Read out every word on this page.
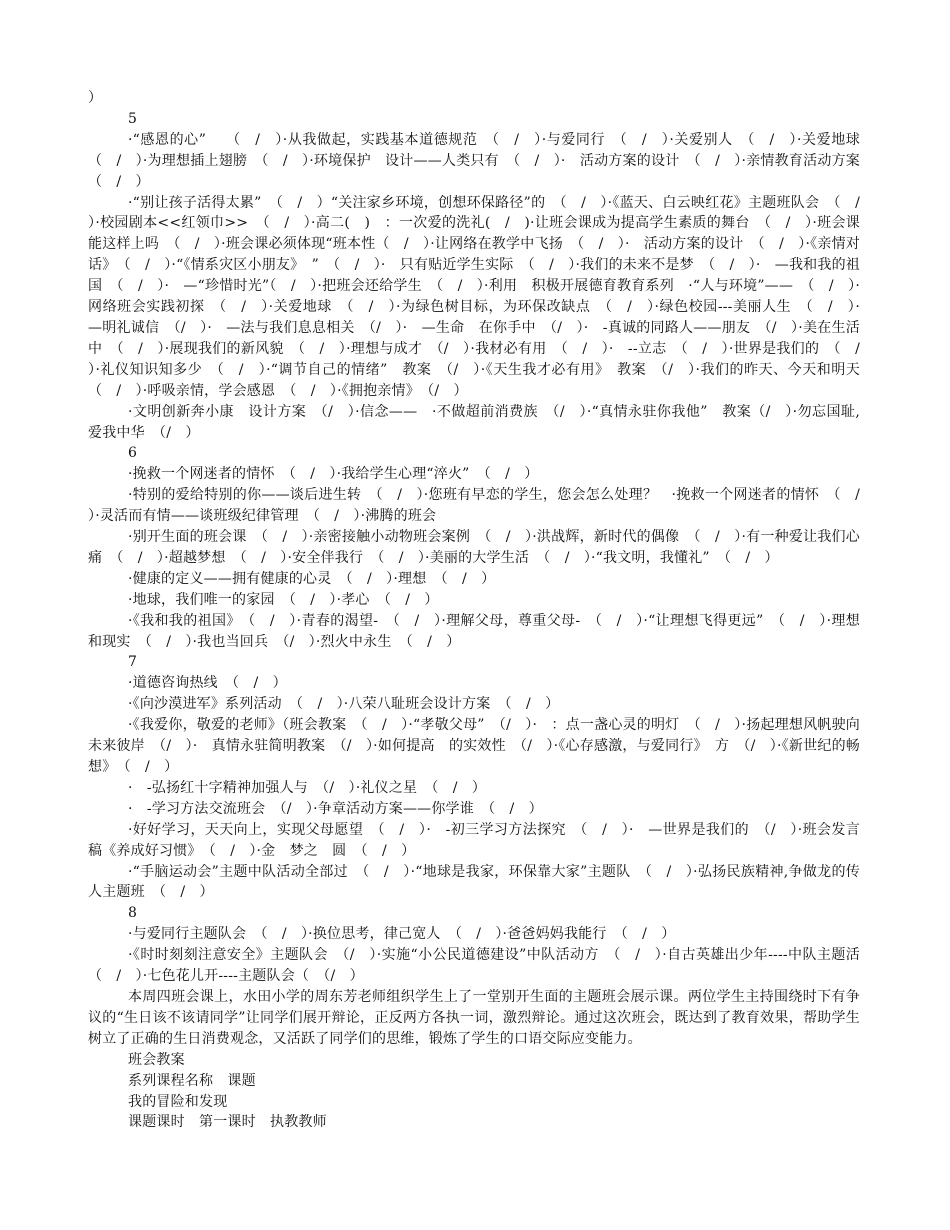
）

5

·“感恩的心”　 （　/　）·从我做起，实践基本道德规范　（　/　）·与爱同行　（　/　）·关爱别人　（　/　）·关爱地球　（　/　）·为理想插上翅膀　（　/　）·环境保护　设计——人类只有　（　/　）·　活动方案的设计　（　/　）·亲情教育活动方案　（　/　）

·“别让孩子活得太累”　（　/　）“关注家乡环境，创想环保路径”的　（　/　）·《蓝天、白云映红花》主题班队会　（　/　）·校园剧本<<红领巾>>　（　/　）·高二(　)　：一次爱的洗礼(　/　)·让班会课成为提高学生素质的舞台　（　/　）·班会课能这样上吗　（　/　）·班会课必须体现“班本性（　/　）·让网络在教学中飞扬　（　/　）·　活动方案的设计　（　/　）·《亲情对话》　（　/　）·“《情系灾区小朋友》　”　（　/　）·　只有贴近学生实际　（　/　）·我们的未来不是梦　（　/　）·　—我和我的祖国　（　/　）·　—“珍惜时光”（　/　）·把班会还给学生　（　/　）·利用　积极开展德育教育系列　·“人与环境”——　（　/　）·网络班会实践初探　（　/　）·关爱地球　（　/　）·为绿色树目标，为环保改缺点　（　/　）·绿色校园---美丽人生　（　/　）·　—明礼诚信　（/　）·　—法与我们息息相关　（/　）·　—生命　在你手中　（/　）·　-真诚的同路人——朋友　（/　）·美在生活中　（　/　）·展现我们的新风貌　（　/　）·理想与成才　（/　）·我材必有用　（　/　）·　--立志　（　/　）·世界是我们的　（　/　）·礼仪知识知多少　（　/　）·“调节自己的情绪”　教案　（/　）·《天生我才必有用》　教案　（/　）·我们的昨天、今天和明天　（　/　）·呼吸亲情，学会感恩　（　/　）·《拥抱亲情》　（/　）

·文明创新奔小康　设计方案　（/　）·信念——　·不做超前消费族　（/　）·“真情永驻你我他”　教案（/　）·勿忘国耻,爱我中华　（/　）

6

·挽救一个网迷者的情怀　（　/　）·我给学生心理“淬火”　（　/　）

·特别的爱给特别的你——谈后进生转　（　/　）·您班有早恋的学生，您会怎么处理？　·挽救一个网迷者的情怀　（　/　）·灵活而有情——谈班级纪律管理　（　/　）·沸腾的班会

·别开生面的班会课　（　/　）·亲密接触小动物班会案例　（　/　）·洪战辉，新时代的偶像　（　/　）·有一种爱让我们心痛　（　/　）·超越梦想　（　/　）·安全伴我行　（　/　）·美丽的大学生活　（　/　）·“我文明，我懂礼”　（　/　）

·健康的定义——拥有健康的心灵　（　/　）·理想　（　/　）

·地球，我们唯一的家园　（　/　）·孝心　（　/　）

·《我和我的祖国》　（　/　）·青春的渴望-　（　/　）·理解父母，尊重父母-　（　/　）·“让理想飞得更远”　（　/　）·理想和现实　（　/　）·我也当回兵　（/　）·烈火中永生　（　/　）

7

·道德咨询热线　（　/　）

·《向沙漠进军》系列活动　（　/　）·八荣八耻班会设计方案　（　/　）

·《我爱你，敬爱的老师》（班会教案　（　/　）·“孝敬父母”　（/　）·　：点一盏心灵的明灯　（　/　）·扬起理想风帆驶向未来彼岸　（/　）·　真情永驻简明教案　（/　）·如何提高　的实效性　（/　）·《心存感激，与爱同行》　方　（/　）·《新世纪的畅想》　（　/　）

·　-弘扬红十字精神加强人与　（/　）·礼仪之星　（　/　）

·　-学习方法交流班会　（/　）·争章活动方案——你学谁　（　/　）

·好好学习，天天向上，实现父母愿望　（　/　）·　-初三学习方法探究　（　/　）·　—世界是我们的　（/　）·班会发言稿《养成好习惯》　（　/　）·金　梦之　圆　（　/　）

·“手脑运动会”主题中队活动全部过　（　/　）·“地球是我家，环保靠大家”主题队　（　/　）·弘扬民族精神,争做龙的传人主题班　（　/　）

8

·与爱同行主题队会　（　/　）·换位思考，律己宽人　（　/　）·爸爸妈妈我能行　（　/　）

·《时时刻刻注意安全》主题队会　（/　）·实施“小公民道德建设”中队活动方　（　/　）·自古英雄出少年----中队主题活　（　/　）·七色花儿开----主题队会（　（/　）

本周四班会课上，水田小学的周东芳老师组织学生上了一堂别开生面的主题班会展示课。两位学生主持围绕时下有争议的“生日该不该请同学”让同学们展开辩论，正反两方各执一词，激烈辩论。通过这次班会，既达到了教育效果，帮助学生树立了正确的生日消费观念，又活跃了同学们的思维，锻炼了学生的口语交际应变能力。

班会教案

系列课程名称　课题

我的冒险和发现

课题课时　第一课时　执教教师
